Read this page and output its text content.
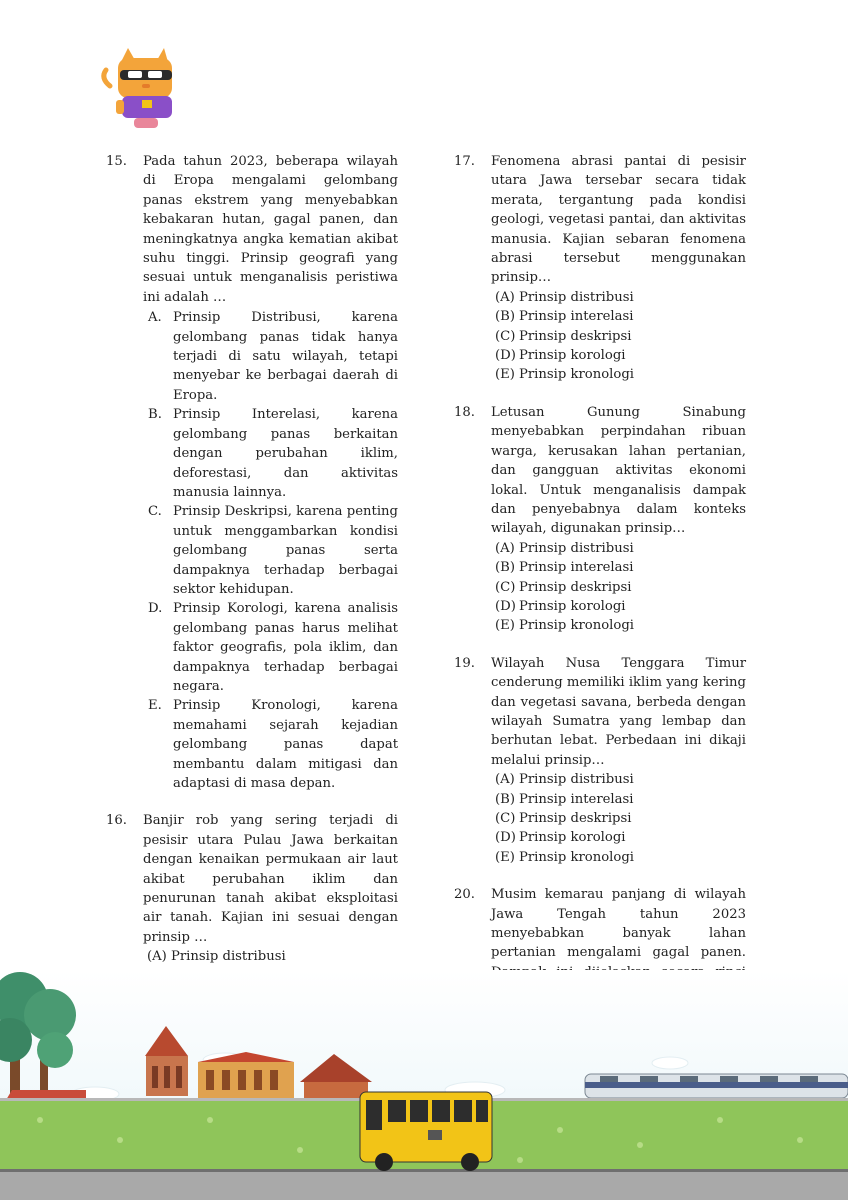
15.	Pada tahun 2023, beberapa wilayah di Eropa mengalami gelombang panas ekstrem yang menyebabkan kebakaran hutan, gagal panen, dan meningkatnya angka kematian akibat suhu tinggi. Prinsip geografi yang sesuai untuk menganalisis peristiwa ini adalah …
A. Prinsip Distribusi, karena gelombang panas tidak hanya terjadi di satu wilayah, tetapi menyebar ke berbagai daerah di Eropa.
B. Prinsip Interelasi, karena gelombang panas berkaitan dengan perubahan iklim, deforestasi, dan aktivitas manusia lainnya.
C. Prinsip Deskripsi, karena penting untuk menggambarkan kondisi gelombang panas serta dampaknya terhadap berbagai sektor kehidupan.
D. Prinsip Korologi, karena analisis gelombang panas harus melihat faktor geografis, pola iklim, dan dampaknya terhadap berbagai negara.
E. Prinsip Kronologi, karena memahami sejarah kejadian gelombang panas dapat membantu dalam mitigasi dan adaptasi di masa depan.
16.	Banjir rob yang sering terjadi di pesisir utara Pulau Jawa berkaitan dengan kenaikan permukaan air laut akibat perubahan iklim dan penurunan tanah akibat eksploitasi air tanah. Kajian ini sesuai dengan prinsip …
(A) Prinsip distribusi
17.	Fenomena abrasi pantai di pesisir utara Jawa tersebar secara tidak merata, tergantung pada kondisi geologi, vegetasi pantai, dan aktivitas manusia. Kajian sebaran fenomena abrasi tersebut menggunakan prinsip…
(A) Prinsip distribusi
(B) Prinsip interelasi
(C) Prinsip deskripsi
(D) Prinsip korologi
(E) Prinsip kronologi
18.	Letusan Gunung Sinabung menyebabkan perpindahan ribuan warga, kerusakan lahan pertanian, dan gangguan aktivitas ekonomi lokal. Untuk menganalisis dampak dan penyebabnya dalam konteks wilayah, digunakan prinsip…
(A) Prinsip distribusi
(B) Prinsip interelasi
(C) Prinsip deskripsi
(D) Prinsip korologi
(E) Prinsip kronologi
19.	Wilayah Nusa Tenggara Timur cenderung memiliki iklim yang kering dan vegetasi savana, berbeda dengan wilayah Sumatra yang lembap dan berhutan lebat. Perbedaan ini dikaji melalui prinsip…
(A) Prinsip distribusi
(B) Prinsip interelasi
(C) Prinsip deskripsi
(D) Prinsip korologi
(E) Prinsip kronologi
20.	Musim kemarau panjang di wilayah Jawa Tengah tahun 2023 menyebabkan banyak lahan pertanian mengalami gagal panen.
